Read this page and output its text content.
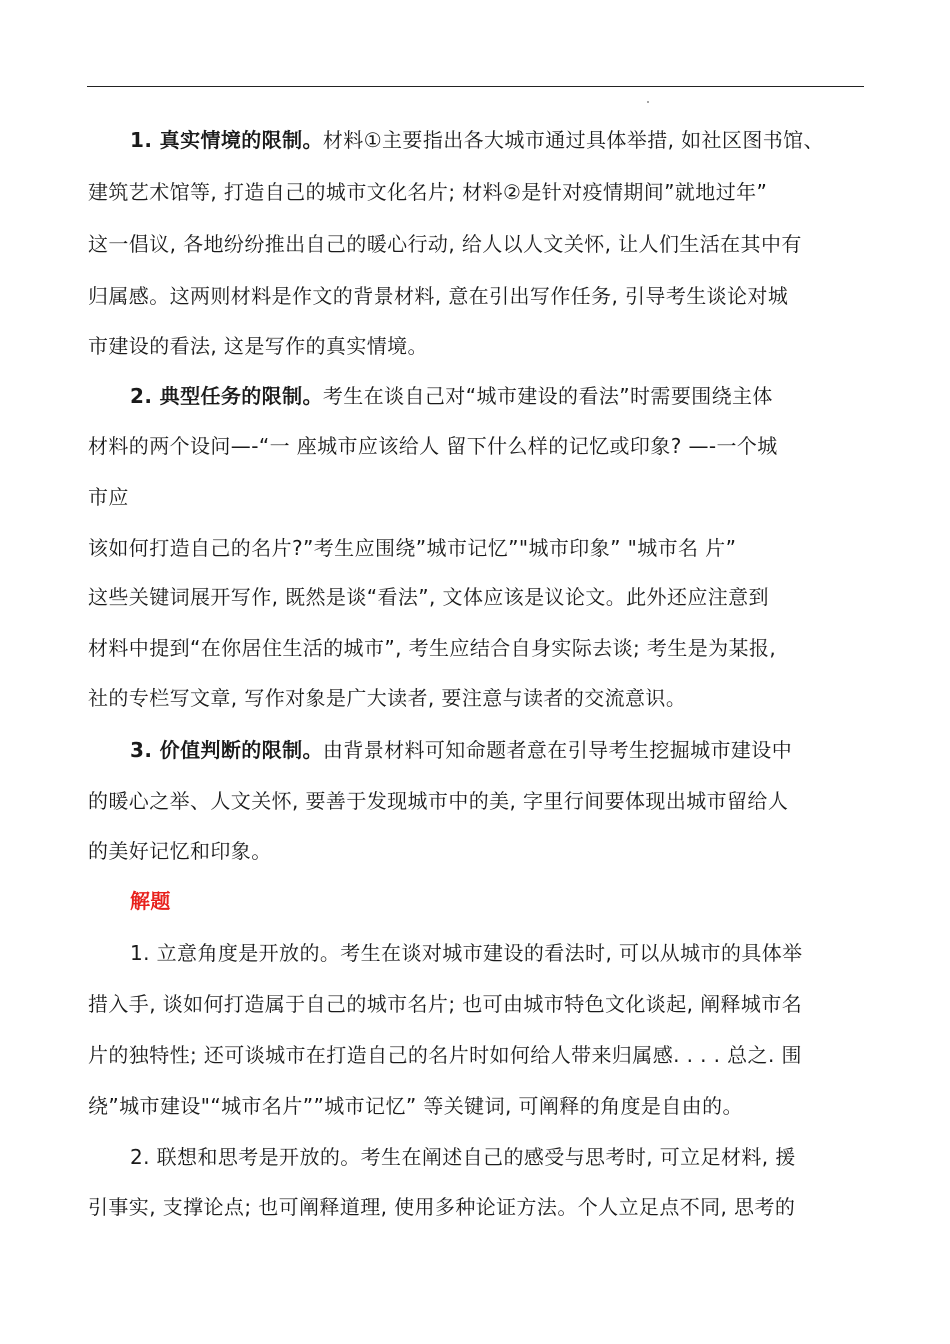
1. 真实情境的限制。材料①主要指出各大城市通过具体举措, 如社区图书馆、
建筑艺术馆等, 打造自己的城市文化名片; 材料②是针对疫情期间”就地过年”
这一倡议, 各地纷纷推出自己的暖心行动, 给人以人文关怀, 让人们生活在其中有
归属感。这两则材料是作文的背景材料, 意在引出写作任务, 引导考生谈论对城
市建设的看法, 这是写作的真实情境。
2. 典型任务的限制。考生在谈自己对“城市建设的看法”时需要围绕主体
材料的两个设问—-“一 座城市应该给人 留下什么样的记忆或印象? —-一个城
市应
该如何打造自己的名片?”考生应围绕”城市记忆”"城市印象” "城市名 片”
这些关键词展开写作, 既然是谈“看法”, 文体应该是议论文。此外还应注意到
材料中提到“在你居住生活的城市”, 考生应结合自身实际去谈; 考生是为某报,
社的专栏写文章, 写作对象是广大读者, 要注意与读者的交流意识。
3. 价值判断的限制。由背景材料可知命题者意在引导考生挖掘城市建设中
的暖心之举、人文关怀, 要善于发现城市中的美, 字里行间要体现出城市留给人
的美好记忆和印象。
解题
1. 立意角度是开放的。考生在谈对城市建设的看法时, 可以从城市的具体举
措入手, 谈如何打造属于自己的城市名片; 也可由城市特色文化谈起, 阐释城市名
片的独特性; 还可谈城市在打造自己的名片时如何给人带来归属感. . . . 总之. 围
绕”城市建设"“城市名片””城市记忆” 等关键词, 可阐释的角度是自由的。
2. 联想和思考是开放的。考生在阐述自己的感受与思考时, 可立足材料, 援
引事实, 支撑论点; 也可阐释道理, 使用多种论证方法。个人立足点不同, 思考的
